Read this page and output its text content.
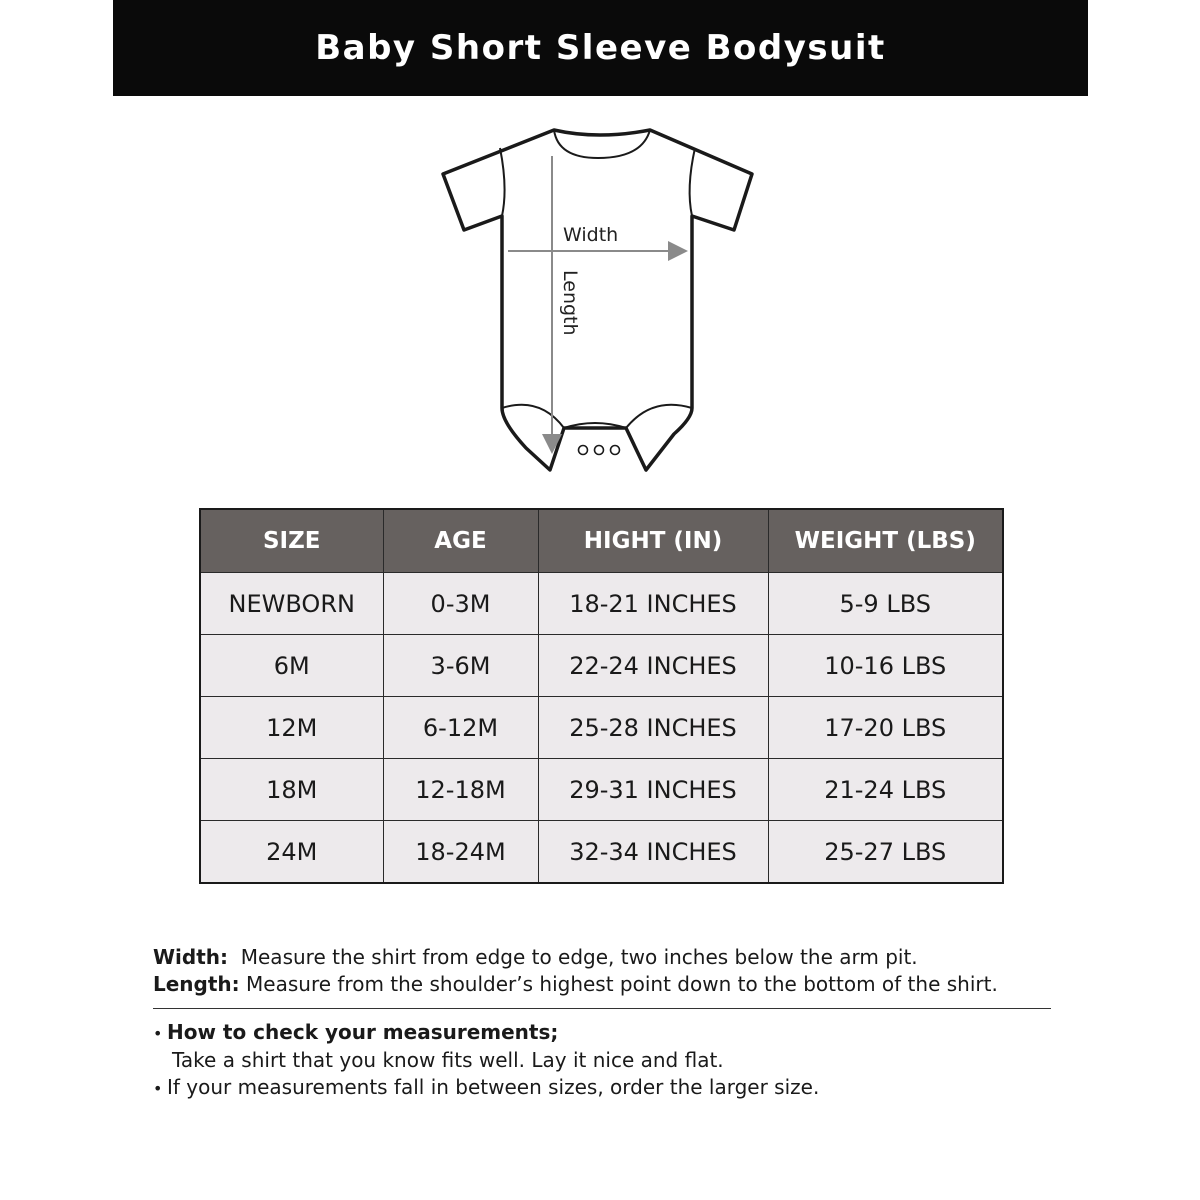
Baby Short Sleeve Bodysuit
Width
Length
SIZE	AGE	HIGHT (IN)	WEIGHT (LBS)
NEWBORN	0-3M	18-21 INCHES	5-9 LBS
6M	3-6M	22-24 INCHES	10-16 LBS
12M	6-12M	25-28 INCHES	17-20 LBS
18M	12-18M	29-31 INCHES	21-24 LBS
24M	18-24M	32-34 INCHES	25-27 LBS
Width: Measure the shirt from edge to edge, two inches below the arm pit.
Length: Measure from the shoulder’s highest point down to the bottom of the shirt.
• How to check your measurements;
Take a shirt that you know fits well. Lay it nice and flat.
• If your measurements fall in between sizes, order the larger size.
